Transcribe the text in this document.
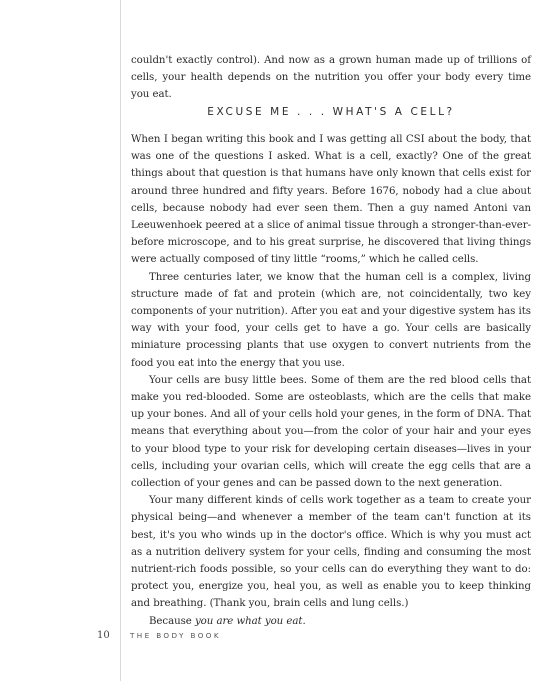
couldn't exactly control). And now as a grown human made up of trillions of cells, your health depends on the nutrition you offer your body every time you eat.

EXCUSE ME . . . WHAT'S A CELL?

When I began writing this book and I was getting all CSI about the body, that was one of the questions I asked. What is a cell, exactly? One of the great things about that question is that humans have only known that cells exist for around three hundred and fifty years. Before 1676, nobody had a clue about cells, because nobody had ever seen them. Then a guy named Antoni van Leeuwenhoek peered at a slice of animal tissue through a stronger-than-ever-before microscope, and to his great surprise, he discovered that living things were actually composed of tiny little “rooms,” which he called cells.

Three centuries later, we know that the human cell is a complex, living structure made of fat and protein (which are, not coincidentally, two key components of your nutrition). After you eat and your digestive system has its way with your food, your cells get to have a go. Your cells are basically miniature processing plants that use oxygen to convert nutrients from the food you eat into the energy that you use.

Your cells are busy little bees. Some of them are the red blood cells that make you red-blooded. Some are osteoblasts, which are the cells that make up your bones. And all of your cells hold your genes, in the form of DNA. That means that everything about you—from the color of your hair and your eyes to your blood type to your risk for developing certain diseases—lives in your cells, including your ovarian cells, which will create the egg cells that are a collection of your genes and can be passed down to the next generation.

Your many different kinds of cells work together as a team to create your physical being—and whenever a member of the team can't function at its best, it's you who winds up in the doctor's office. Which is why you must act as a nutrition delivery system for your cells, finding and consuming the most nutrient-rich foods possible, so your cells can do everything they want to do: protect you, energize you, heal you, as well as enable you to keep thinking and breathing. (Thank you, brain cells and lung cells.)

Because you are what you eat.

10	THE BODY BOOK
